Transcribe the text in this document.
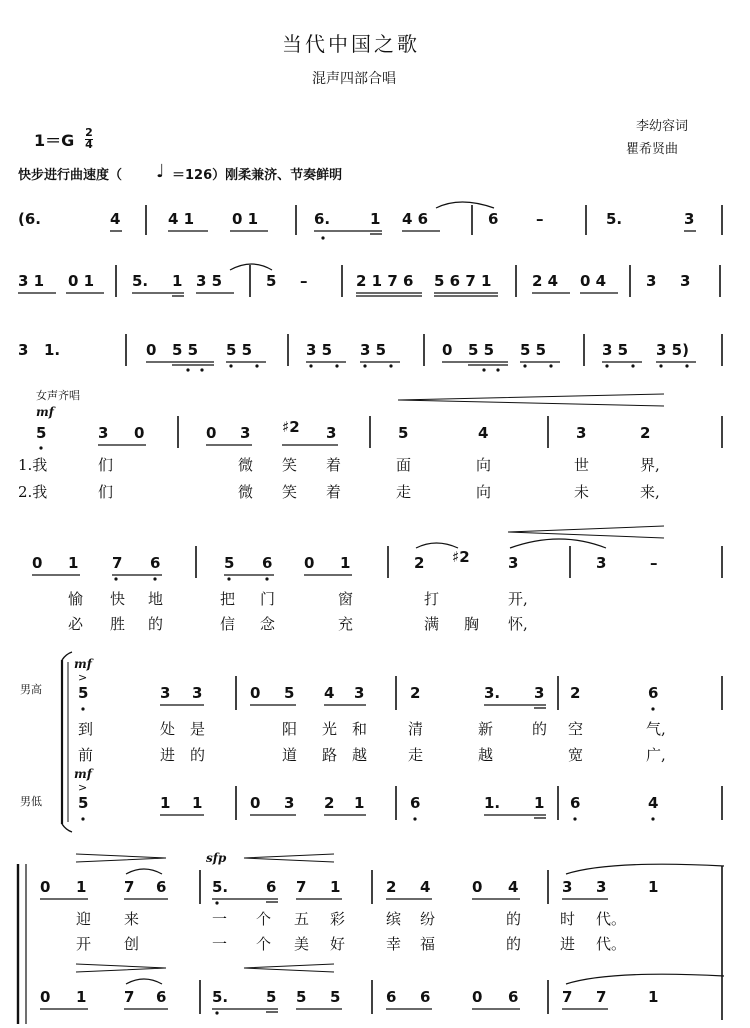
当代中国之歌
混声四部合唱
李幼容词
瞿希贤曲
1＝G 2
4
快步进行曲速度（ ♩ ＝126）刚柔兼济、节奏鲜明
(6.	4	4 1	0 1	6.	1 4 6	6	–	5.	3
3 1 0 1	5. 1 3 5	5 –	2 1 7 6 5 6 7 1	2 4 0 4	3 3
3 1.	0 5 5 5 5	3 5 3 5	0 5 5 5 5	3 5 3 5)
女声齐唱
mf
5	3 0	0 3 ♯2 3	5	4	3	2
1.我	们	微 笑 着	面	向	世	界,
2.我	们	微 笑 着	走	向	未	来,
0 1 7 6	5 6 0 1	2 ♯2	3	3	–
愉 快 地	把 门	窗	打	开,
必 胜 的	信 念	充	满 胸 怀,
男高
男低
mf
mf
>
>
5	3 3	0 5 4 3	2	3. 3 2	6
到	处 是	阳 光 和	清	新	的 空	气,
前	进 的	道 路 越	走	越	宽	广,
5	1 1	0 3 2 1	6	1. 1 6	4
sfp
0 1	7 6	5.	6 7 1	2 4	0 4	3 3	1
迎 来	一 个 五 彩	缤 纷	的	时 代。
开 创	一 个 美 好	幸 福	的	进 代。
0 1	7 6	5.	5 5 5	6 6	0 6	7 7	1
